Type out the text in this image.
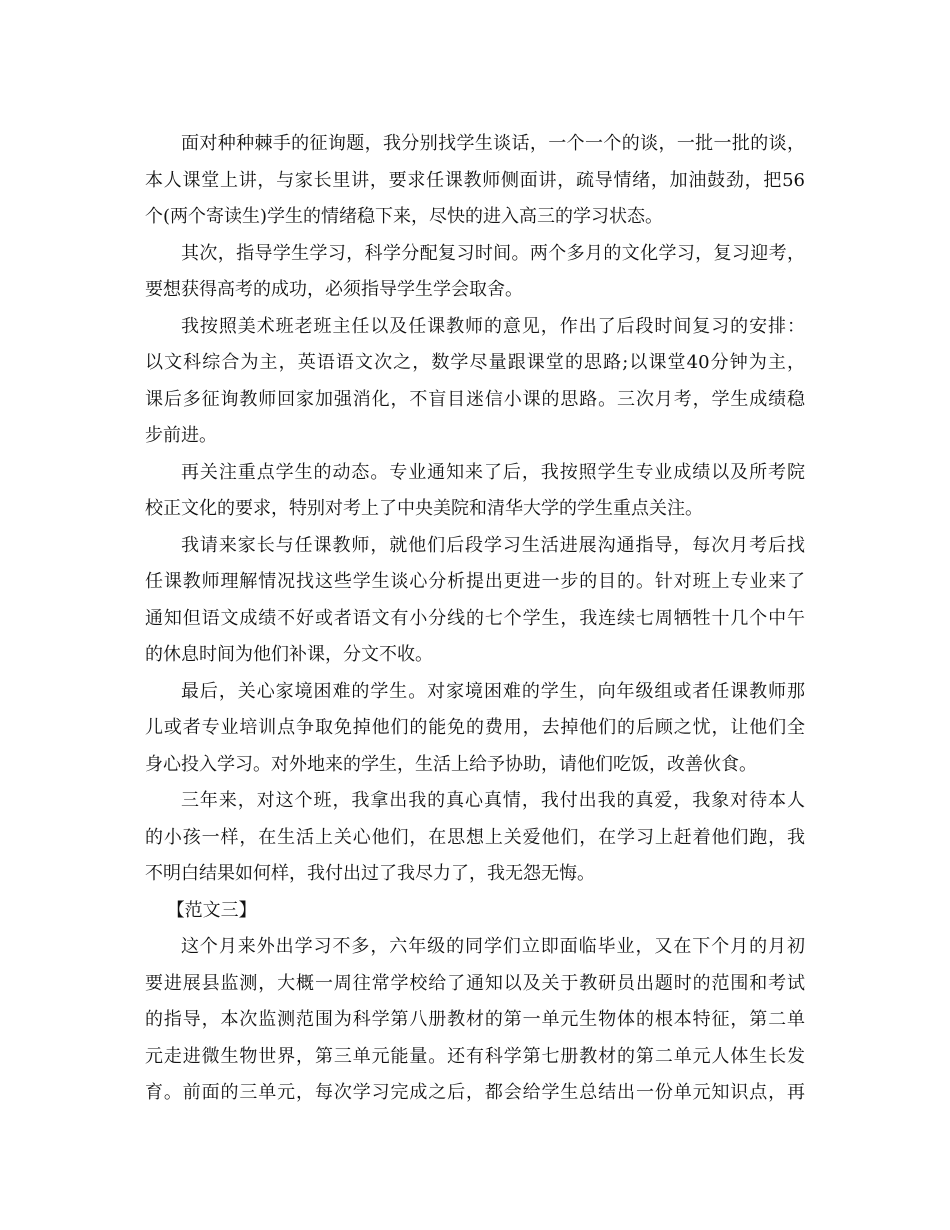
面对种种棘手的征询题，我分别找学生谈话，一个一个的谈，一批一批的谈，
本人课堂上讲，与家长里讲，要求任课教师侧面讲，疏导情绪，加油鼓劲，把56
个(两个寄读生)学生的情绪稳下来，尽快的进入高三的学习状态。
其次，指导学生学习，科学分配复习时间。两个多月的文化学习，复习迎考，
要想获得高考的成功，必须指导学生学会取舍。
我按照美术班老班主任以及任课教师的意见，作出了后段时间复习的安排：
以文科综合为主，英语语文次之，数学尽量跟课堂的思路;以课堂40分钟为主，
课后多征询教师回家加强消化，不盲目迷信小课的思路。三次月考，学生成绩稳
步前进。
再关注重点学生的动态。专业通知来了后，我按照学生专业成绩以及所考院
校正文化的要求，特别对考上了中央美院和清华大学的学生重点关注。
我请来家长与任课教师，就他们后段学习生活进展沟通指导，每次月考后找
任课教师理解情况找这些学生谈心分析提出更进一步的目的。针对班上专业来了
通知但语文成绩不好或者语文有小分线的七个学生，我连续七周牺牲十几个中午
的休息时间为他们补课，分文不收。
最后，关心家境困难的学生。对家境困难的学生，向年级组或者任课教师那
儿或者专业培训点争取免掉他们的能免的费用，去掉他们的后顾之忧，让他们全
身心投入学习。对外地来的学生，生活上给予协助，请他们吃饭，改善伙食。
三年来，对这个班，我拿出我的真心真情，我付出我的真爱，我象对待本人
的小孩一样，在生活上关心他们，在思想上关爱他们，在学习上赶着他们跑，我
不明白结果如何样，我付出过了我尽力了，我无怨无悔。
【范文三】
这个月来外出学习不多，六年级的同学们立即面临毕业，又在下个月的月初
要进展县监测，大概一周往常学校给了通知以及关于教研员出题时的范围和考试
的指导，本次监测范围为科学第八册教材的第一单元生物体的根本特征，第二单
元走进微生物世界，第三单元能量。还有科学第七册教材的第二单元人体生长发
育。前面的三单元，每次学习完成之后，都会给学生总结出一份单元知识点，再
